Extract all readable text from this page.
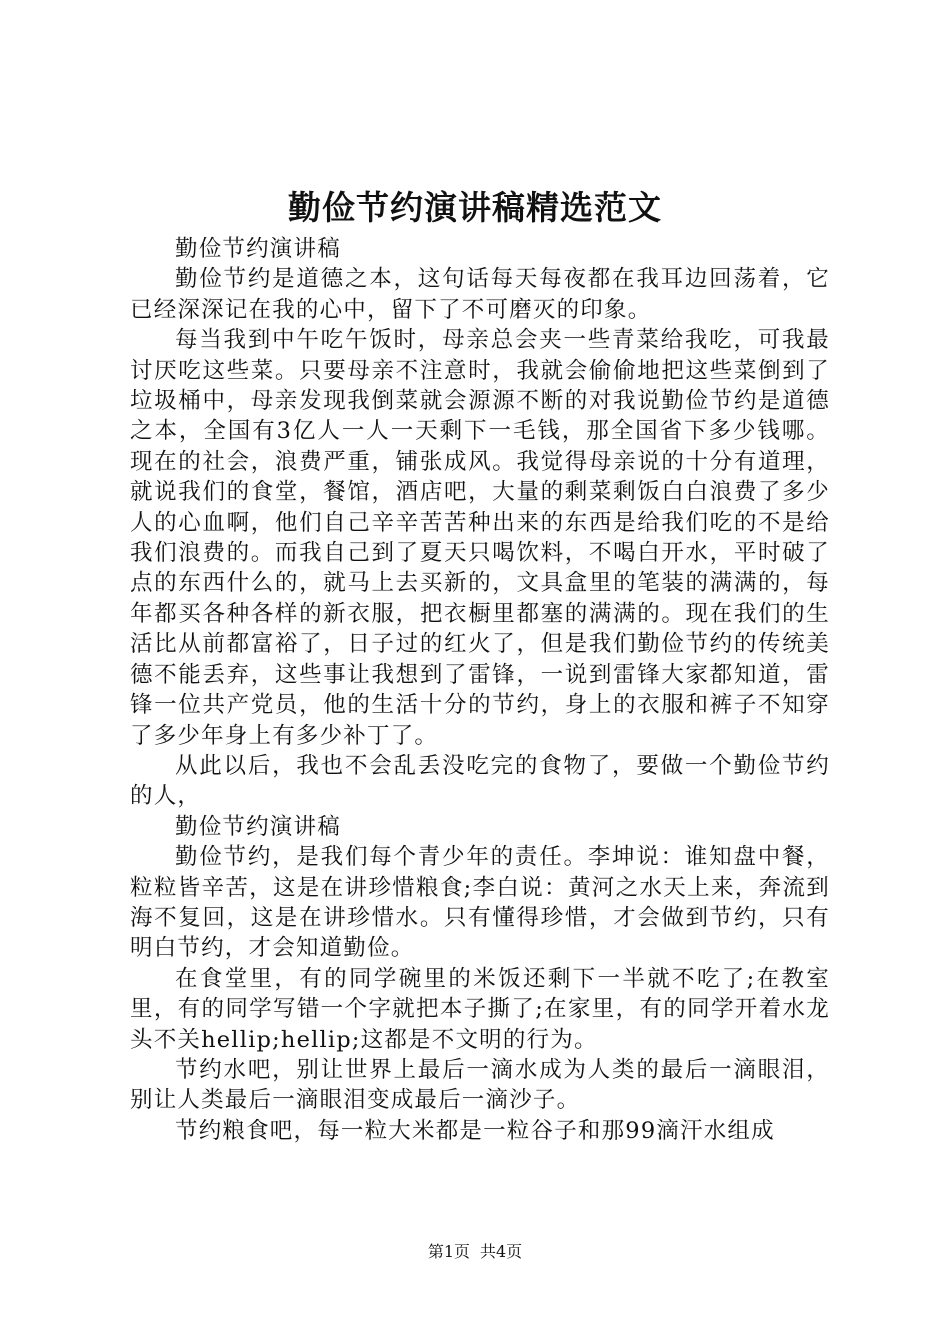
勤俭节约演讲稿精选范文

勤俭节约演讲稿

勤俭节约是道德之本，这句话每天每夜都在我耳边回荡着，它已经深深记在我的心中，留下了不可磨灭的印象。

每当我到中午吃午饭时，母亲总会夹一些青菜给我吃，可我最讨厌吃这些菜。只要母亲不注意时，我就会偷偷地把这些菜倒到了垃圾桶中，母亲发现我倒菜就会源源不断的对我说勤俭节约是道德之本，全国有3亿人一人一天剩下一毛钱，那全国省下多少钱哪。现在的社会，浪费严重，铺张成风。我觉得母亲说的十分有道理，就说我们的食堂，餐馆，酒店吧，大量的剩菜剩饭白白浪费了多少人的心血啊，他们自己辛辛苦苦种出来的东西是给我们吃的不是给我们浪费的。而我自己到了夏天只喝饮料，不喝白开水，平时破了点的东西什么的，就马上去买新的，文具盒里的笔装的满满的，每年都买各种各样的新衣服，把衣橱里都塞的满满的。现在我们的生活比从前都富裕了，日子过的红火了，但是我们勤俭节约的传统美德不能丢弃，这些事让我想到了雷锋，一说到雷锋大家都知道，雷锋一位共产党员，他的生活十分的节约，身上的衣服和裤子不知穿了多少年身上有多少补丁了。

从此以后，我也不会乱丢没吃完的食物了，要做一个勤俭节约的人，

勤俭节约演讲稿

勤俭节约，是我们每个青少年的责任。李坤说：谁知盘中餐，粒粒皆辛苦，这是在讲珍惜粮食;李白说：黄河之水天上来，奔流到海不复回，这是在讲珍惜水。只有懂得珍惜，才会做到节约，只有明白节约，才会知道勤俭。

在食堂里，有的同学碗里的米饭还剩下一半就不吃了;在教室里，有的同学写错一个字就把本子撕了;在家里，有的同学开着水龙头不关hellip;hellip;这都是不文明的行为。

节约水吧，别让世界上最后一滴水成为人类的最后一滴眼泪，别让人类最后一滴眼泪变成最后一滴沙子。

节约粮食吧，每一粒大米都是一粒谷子和那99滴汗水组成

第1页 共4页
